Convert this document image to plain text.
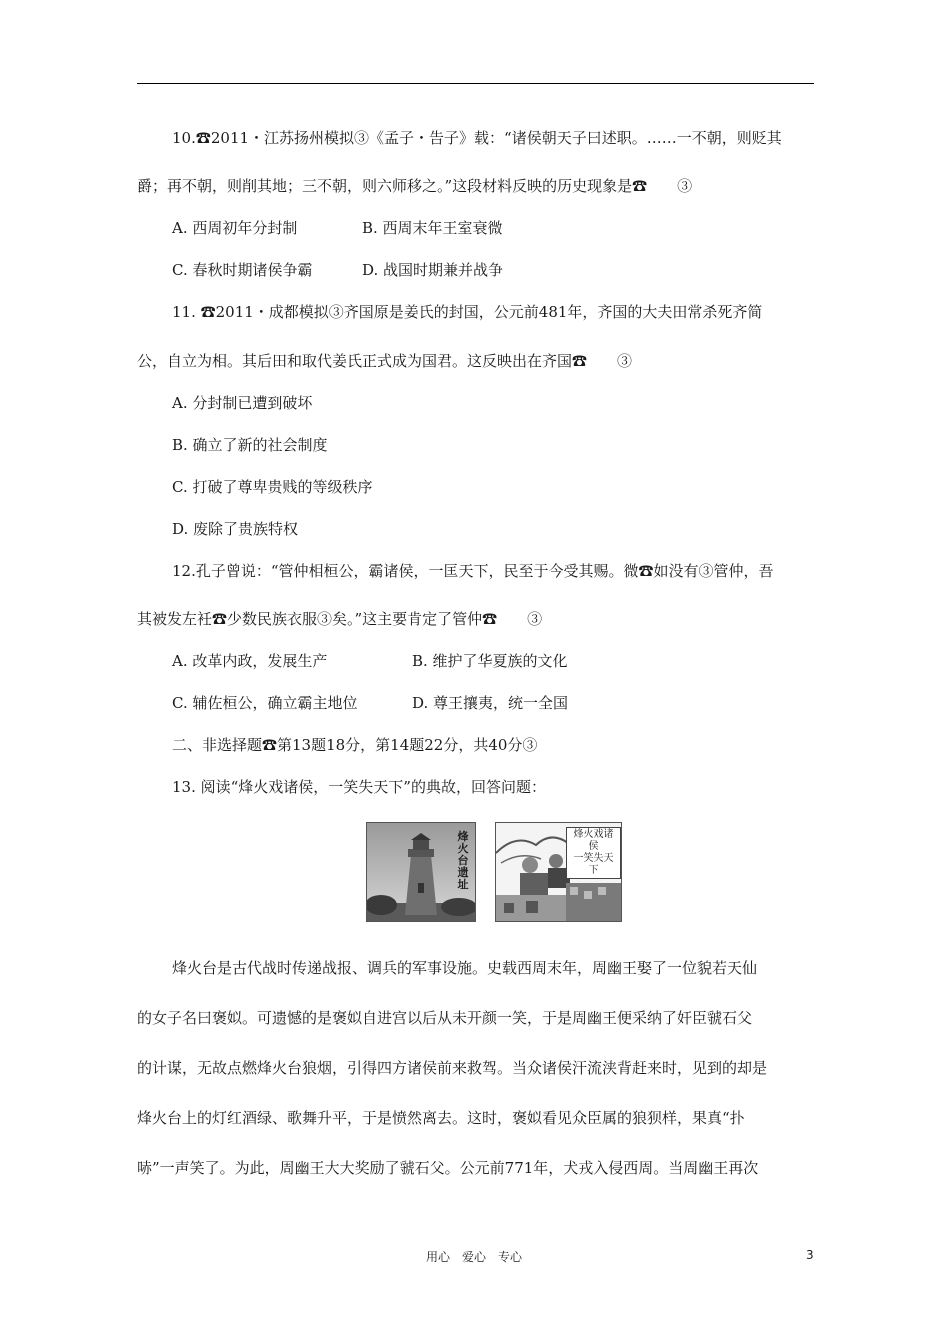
10.☎2011・江苏扬州模拟➂《孟子・告子》载：“诸侯朝天子曰述职。……一不朝，则贬其
爵；再不朝，则削其地；三不朝，则六师移之。”这段材料反映的历史现象是☎　　➂
A. 西周初年分封制	B. 西周末年王室衰微
C. 春秋时期诸侯争霸	D. 战国时期兼并战争
11. ☎2011・成都模拟➂齐国原是姜氏的封国，公元前481年，齐国的大夫田常杀死齐简
公，自立为相。其后田和取代姜氏正式成为国君。这反映出在齐国☎　　➂
A. 分封制已遭到破坏
B. 确立了新的社会制度
C. 打破了尊卑贵贱的等级秩序
D. 废除了贵族特权
12.孔子曾说：“管仲相桓公，霸诸侯，一匡天下，民至于今受其赐。微☎如没有➂管仲，吾
其被发左衽☎少数民族衣服➂矣。”这主要肯定了管仲☎　　➂
A. 改革内政，发展生产	B. 维护了华夏族的文化
C. 辅佐桓公，确立霸主地位	D. 尊王攘夷，统一全国
二、非选择题☎第13题18分，第14题22分，共40分➂
13. 阅读“烽火戏诸侯，一笑失天下”的典故，回答问题：
烽火台遗址
烽火戏诸侯
一笑失天下
烽火台是古代战时传递战报、调兵的军事设施。史载西周末年，周幽王娶了一位貌若天仙
的女子名曰褒姒。可遗憾的是褒姒自进宫以后从未开颜一笑，于是周幽王便采纳了奸臣虢石父
的计谋，无故点燃烽火台狼烟，引得四方诸侯前来救驾。当众诸侯汗流浃背赶来时，见到的却是
烽火台上的灯红酒绿、歌舞升平，于是愤然离去。这时，褒姒看见众臣属的狼狈样，果真“扑
哧”一声笑了。为此，周幽王大大奖励了虢石父。公元前771年，犬戎入侵西周。当周幽王再次
用心　爱心　专心	3
